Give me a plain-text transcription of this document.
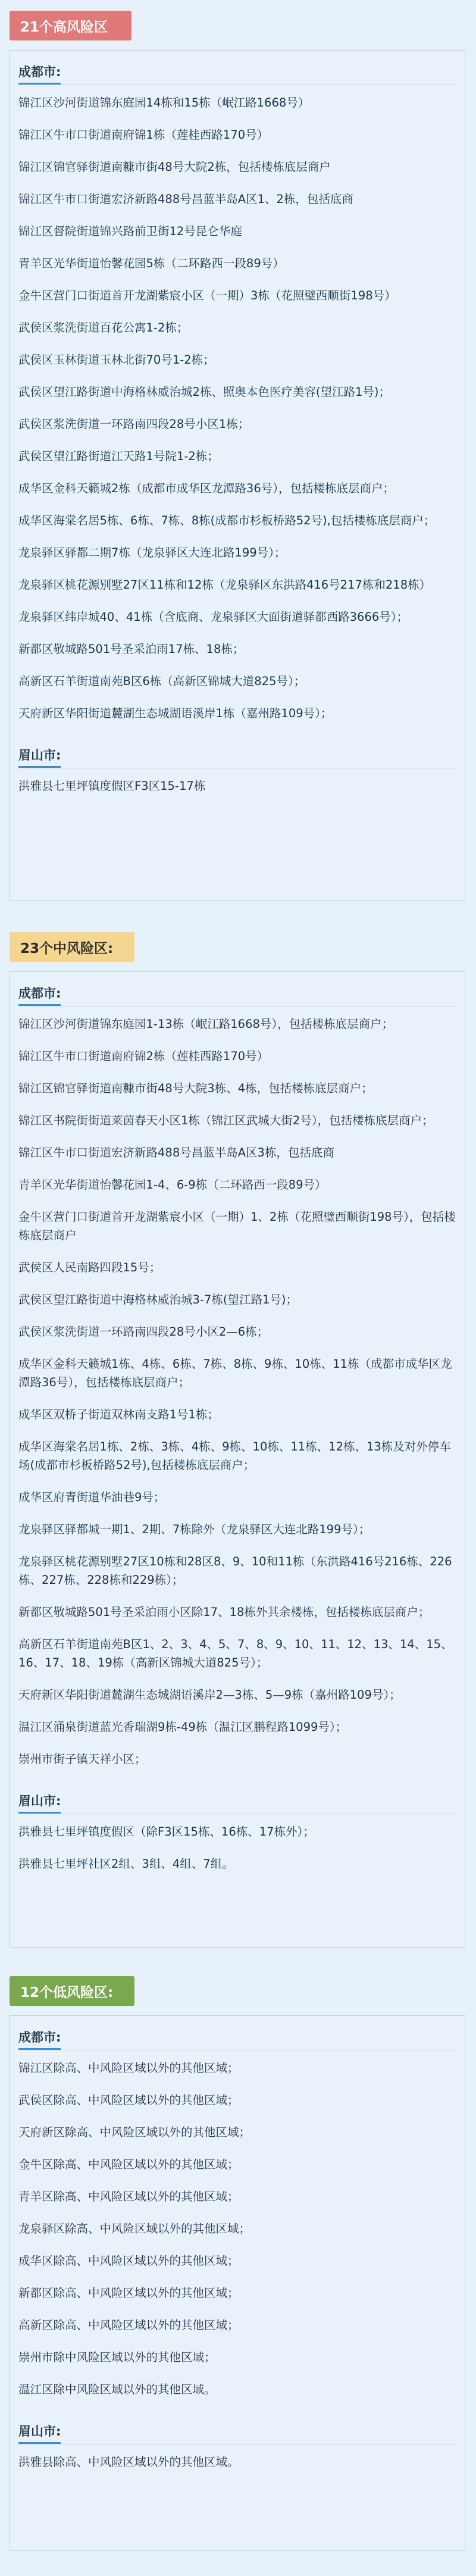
21个高风险区
成都市:
锦江区沙河街道锦东庭园14栋和15栋（岷江路1668号）
锦江区牛市口街道南府锦1栋（莲桂西路170号）
锦江区锦官驿街道南糠市街48号大院2栋，包括楼栋底层商户
锦江区牛市口街道宏济新路488号昌蓝半岛A区1、2栋，包括底商
锦江区督院街道锦兴路前卫街12号昆仑华庭
青羊区光华街道怡馨花园5栋（二环路西一段89号）
金牛区营门口街道首开龙湖紫宸小区（一期）3栋（花照璧西顺街198号）
武侯区浆洗街道百花公寓1-2栋；
武侯区玉林街道玉林北街70号1-2栋；
武侯区望江路街道中海格林威治城2栋、照奥本色医疗美容(望江路1号)；
武侯区浆洗街道一环路南四段28号小区1栋；
武侯区望江路街道江天路1号院1-2栋；
成华区金科天籁城2栋（成都市成华区龙潭路36号），包括楼栋底层商户；
成华区海棠名居5栋、6栋、7栋、8栋(成都市杉板桥路52号),包括楼栋底层商户；
龙泉驿区驿都二期7栋（龙泉驿区大连北路199号）；
龙泉驿区桃花源别墅27区11栋和12栋（龙泉驿区东洪路416号217栋和218栋）
龙泉驿区纬岸城40、41栋（含底商、龙泉驿区大面街道驿都西路3666号）；
新都区敬城路501号圣采泊雨17栋、18栋；
高新区石羊街道南苑B区6栋（高新区锦城大道825号）；
天府新区华阳街道麓湖生态城湖语溪岸1栋（嘉州路109号）；
眉山市:
洪雅县七里坪镇度假区F3区15-17栋
23个中风险区:
成都市:
锦江区沙河街道锦东庭园1-13栋（岷江路1668号），包括楼栋底层商户；
锦江区牛市口街道南府锦2栋（莲桂西路170号）
锦江区锦官驿街道南糠市街48号大院3栋、4栋，包括楼栋底层商户；
锦江区书院街街道莱茵春天小区1栋（锦江区武城大街2号），包括楼栋底层商户；
锦江区牛市口街道宏济新路488号昌蓝半岛A区3栋，包括底商
青羊区光华街道怡馨花园1-4、6-9栋（二环路西一段89号）
金牛区营门口街道首开龙湖紫宸小区（一期）1、2栋（花照璧西顺街198号），包括楼栋底层商户
武侯区人民南路四段15号；
武侯区望江路街道中海格林威治城3-7栋(望江路1号)；
武侯区浆洗街道一环路南四段28号小区2—6栋；
成华区金科天籁城1栋、4栋、6栋、7栋、8栋、9栋、10栋、11栋（成都市成华区龙潭路36号），包括楼栋底层商户；
成华区双桥子街道双林南支路1号1栋；
成华区海棠名居1栋、2栋、3栋、4栋、9栋、10栋、11栋、12栋、13栋及对外停车场(成都市杉板桥路52号),包括楼栋底层商户；
成华区府青街道华油巷9号；
龙泉驿区驿都城一期1、2期、7栋除外（龙泉驿区大连北路199号）；
龙泉驿区桃花源别墅27区10栋和28区8、9、10和11栋（东洪路416号216栋、226栋、227栋、228栋和229栋）；
新都区敬城路501号圣采泊雨小区除17、18栋外其余楼栋，包括楼栋底层商户；
高新区石羊街道南苑B区1、2、3、4、5、7、8、9、10、11、12、13、14、15、16、17、18、19栋（高新区锦城大道825号）；
天府新区华阳街道麓湖生态城湖语溪岸2—3栋、5—9栋（嘉州路109号）；
温江区涌泉街道蓝光香瑞湖9栋-49栋（温江区鹏程路1099号）；
崇州市街子镇天祥小区；
眉山市:
洪雅县七里坪镇度假区（除F3区15栋、16栋、17栋外）；
洪雅县七里坪社区2组、3组、4组、7组。
12个低风险区:
成都市:
锦江区除高、中风险区域以外的其他区域；
武侯区除高、中风险区域以外的其他区域；
天府新区除高、中风险区域以外的其他区域；
金牛区除高、中风险区域以外的其他区域；
青羊区除高、中风险区域以外的其他区域；
龙泉驿区除高、中风险区域以外的其他区域；
成华区除高、中风险区域以外的其他区域；
新都区除高、中风险区域以外的其他区域；
高新区除高、中风险区域以外的其他区域；
崇州市除中风险区域以外的其他区域；
温江区除中风险区域以外的其他区域。
眉山市:
洪雅县除高、中风险区域以外的其他区域。
